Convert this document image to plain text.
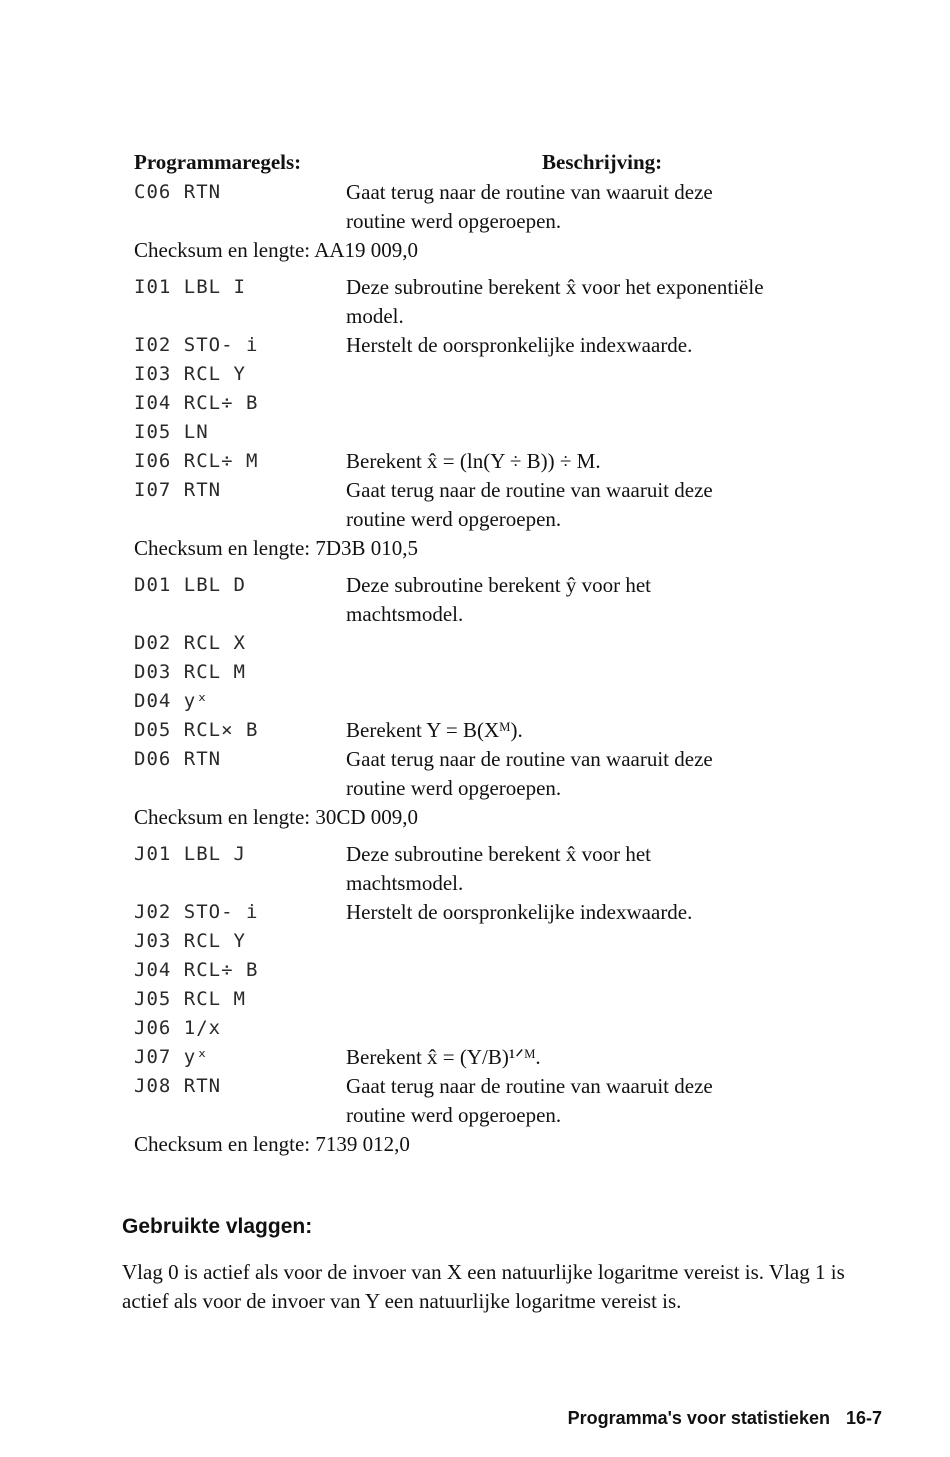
Programmaregels:	Beschrijving:
C06 RTN	Gaat terug naar de routine van waaruit deze
routine werd opgeroepen.
Checksum en lengte: AA19 009,0
I01 LBL I	Deze subroutine berekent x̂ voor het exponentiële
model.
I02 STO- i	Herstelt de oorspronkelijke indexwaarde.
I03 RCL Y
I04 RCL÷ B
I05 LN
I06 RCL÷ M	Berekent x̂ = (ln(Y ÷ B)) ÷ M.
I07 RTN	Gaat terug naar de routine van waaruit deze
routine werd opgeroepen.
Checksum en lengte: 7D3B 010,5
D01 LBL D	Deze subroutine berekent ŷ voor het
machtsmodel.
D02 RCL X
D03 RCL M
D04 yˣ
D05 RCL× B	Berekent Y = B(Xᴹ).
D06 RTN	Gaat terug naar de routine van waaruit deze
routine werd opgeroepen.
Checksum en lengte: 30CD 009,0
J01 LBL J	Deze subroutine berekent x̂ voor het
machtsmodel.
J02 STO- i	Herstelt de oorspronkelijke indexwaarde.
J03 RCL Y
J04 RCL÷ B
J05 RCL M
J06 1/x
J07 yˣ	Berekent x̂ = (Y/B)¹ᐟᴹ.
J08 RTN	Gaat terug naar de routine van waaruit deze
routine werd opgeroepen.
Checksum en lengte: 7139 012,0
Gebruikte vlaggen:
Vlag 0 is actief als voor de invoer van X een natuurlijke logaritme vereist is. Vlag 1 is actief als voor de invoer van Y een natuurlijke logaritme vereist is.
Programma's voor statistieken 16-7
